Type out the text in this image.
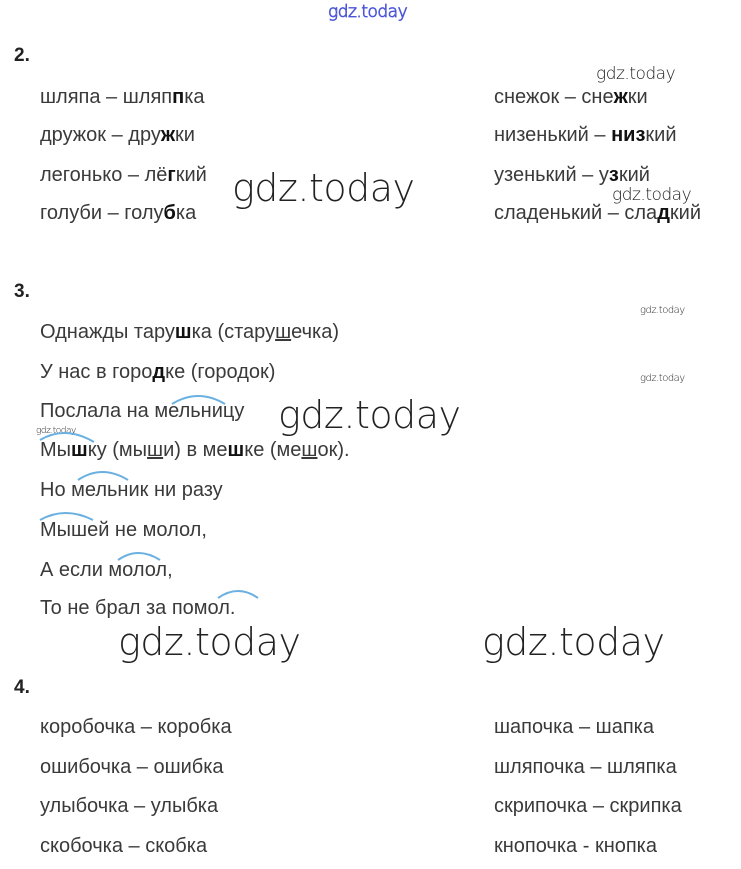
gdz.today
gdz.today
gdz.today	gdz.today
gdz.today
gdz.today
gdz.today
gdz.today
gdz.today	gdz.today
2.
3.
4.
шляпа – шляппка
дружок – дружки
легонько – лёгкий
голуби – голубка
снежок – снежки
низенький – низкий
узенький – узкий
сладенький – сладкий
Однажды тарушка (старушечка)
У нас в городке (городок)
Послала на мельницу
Мышку (мыши) в мешке (мешок).
Но мельник ни разу
Мышей не молол,
А если молол,
То не брал за помол.
коробочка – коробка
ошибочка – ошибка
улыбочка – улыбка
скобочка – скобка
шапочка – шапка
шляпочка – шляпка
скрипочка – скрипка
кнопочка - кнопка
